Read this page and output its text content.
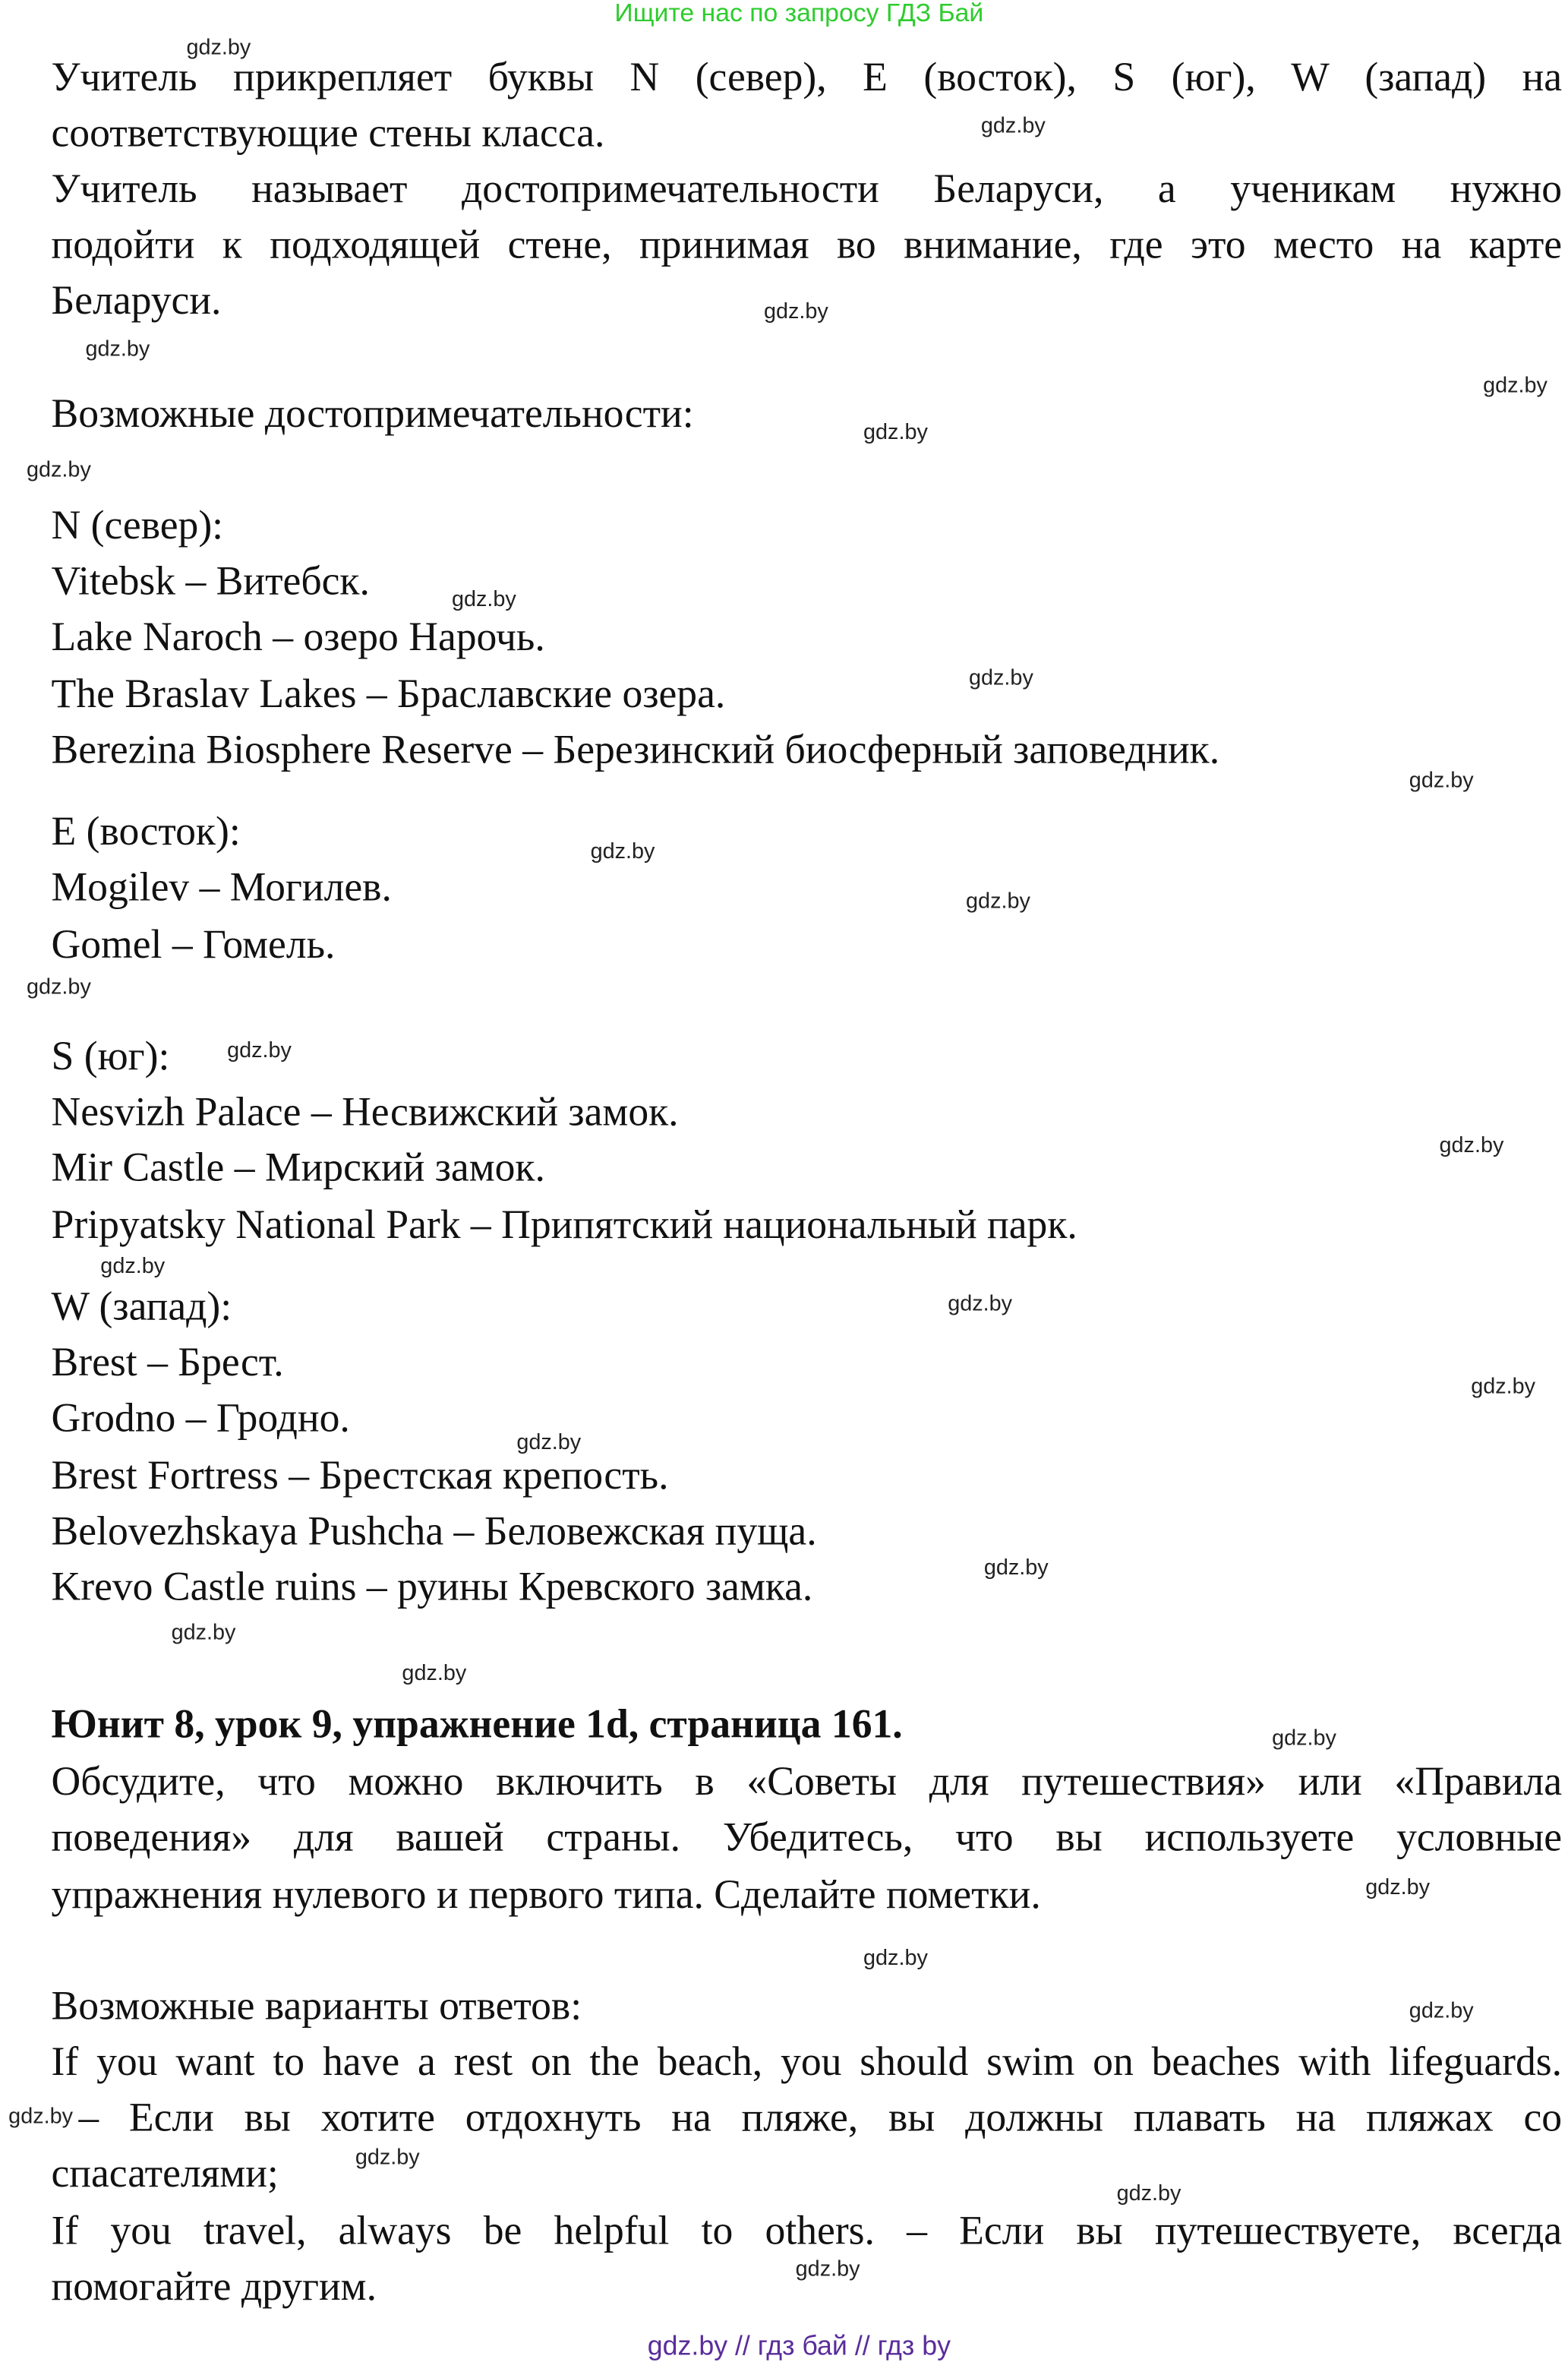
Ищите нас по запросу ГДЗ Бай
Учитель прикрепляет буквы N (север), E (восток), S (юг), W (запад) на
соответствующие стены класса.
Учитель называет достопримечательности Беларуси, а ученикам нужно
подойти к подходящей стене, принимая во внимание, где это место на карте
Беларуси.
Возможные достопримечательности:
N (север):
Vitebsk – Витебск.
Lake Naroch – озеро Нарочь.
The Braslav Lakes – Браславские озера.
Berezina Biosphere Reserve – Березинский биосферный заповедник.
E (восток):
Mogilev – Могилев.
Gomel – Гомель.
S (юг):
Nesvizh Palace – Несвижский замок.
Mir Castle – Мирский замок.
Pripyatsky National Park – Припятский национальный парк.
W (запад):
Brest – Брест.
Grodno – Гродно.
Brest Fortress – Брестская крепость.
Belovezhskaya Pushcha – Беловежская пуща.
Krevo Castle ruins – руины Кревского замка.
Юнит 8, урок 9, упражнение 1d, страница 161.
Обсудите, что можно включить в «Советы для путешествия» или «Правила
поведения» для вашей страны. Убедитесь, что вы используете условные
упражнения нулевого и первого типа. Сделайте пометки.
Возможные варианты ответов:
If you want to have a rest on the beach, you should swim on beaches with lifeguards.
– Если вы хотите отдохнуть на пляже, вы должны плавать на пляжах со
спасателями;
If you travel, always be helpful to others. – Если вы путешествуете, всегда
помогайте другим.
gdz.by
gdz.by
gdz.by
gdz.by
gdz.by
gdz.by
gdz.by
gdz.by
gdz.by
gdz.by
gdz.by
gdz.by
gdz.by
gdz.by
gdz.by
gdz.by
gdz.by
gdz.by
gdz.by
gdz.by
gdz.by
gdz.by
gdz.by
gdz.by
gdz.by
gdz.by
gdz.by
gdz.by
gdz.by
gdz.by
gdz.by // гдз бай // гдз by
